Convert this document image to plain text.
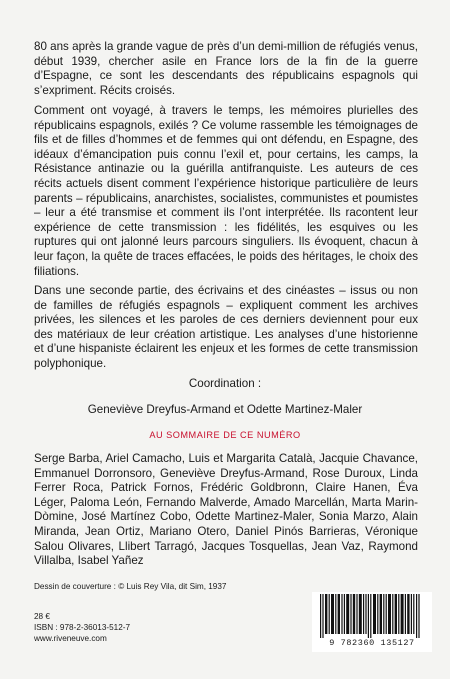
80 ans après la grande vague de près d’un demi-million de réfugiés venus, début 1939, chercher asile en France lors de la fin de la guerre d’Espagne, ce sont les descendants des républicains espagnols qui s’expriment. Récits croisés.

Comment ont voyagé, à travers le temps, les mémoires plurielles des républicains espagnols, exilés ? Ce volume rassemble les témoignages de fils et de filles d’hommes et de femmes qui ont défendu, en Espagne, des idéaux d’émancipation puis connu l’exil et, pour certains, les camps, la Résistance antinazie ou la guérilla antifranquiste. Les auteurs de ces récits actuels disent comment l’expérience historique particulière de leurs parents – républicains, anarchistes, socialistes, communistes et poumistes – leur a été transmise et comment ils l’ont interprétée. Ils racontent leur expérience de cette transmission : les fidélités, les esquives ou les ruptures qui ont jalonné leurs parcours singuliers. Ils évoquent, chacun à leur façon, la quête de traces effacées, le poids des héritages, le choix des filiations.

Dans une seconde partie, des écrivains et des cinéastes – issus ou non de familles de réfugiés espagnols – expliquent comment les archives privées, les silences et les paroles de ces derniers deviennent pour eux des matériaux de leur création artistique. Les analyses d’une historienne et d’une hispaniste éclairent les enjeux et les formes de cette transmission polyphonique.

Coordination :
Geneviève Dreyfus-Armand et Odette Martinez-Maler
AU SOMMAIRE DE CE NUMÉRO

Serge Barba, Ariel Camacho, Luis et Margarita Català, Jacquie Chavance, Emmanuel Dorronsoro, Geneviève Dreyfus-Armand, Rose Duroux, Linda Ferrer Roca, Patrick Fornos, Frédéric Goldbronn, Claire Hanen, Éva Léger, Paloma León, Fernando Malverde, Amado Marcellán, Marta Marin-Dòmine, José Martínez Cobo, Odette Martinez-Maler, Sonia Marzo, Alain Miranda, Jean Ortiz, Mariano Otero, Daniel Pinós Barrieras, Véronique Salou Olivares, Llibert Tarragó, Jacques Tosquellas, Jean Vaz, Raymond Villalba, Isabel Yañez

Dessin de couverture : © Luis Rey Vila, dit Sim, 1937

28 €

ISBN : 978-2-36013-512-7

www.riveneuve.com	9 782360 135127
